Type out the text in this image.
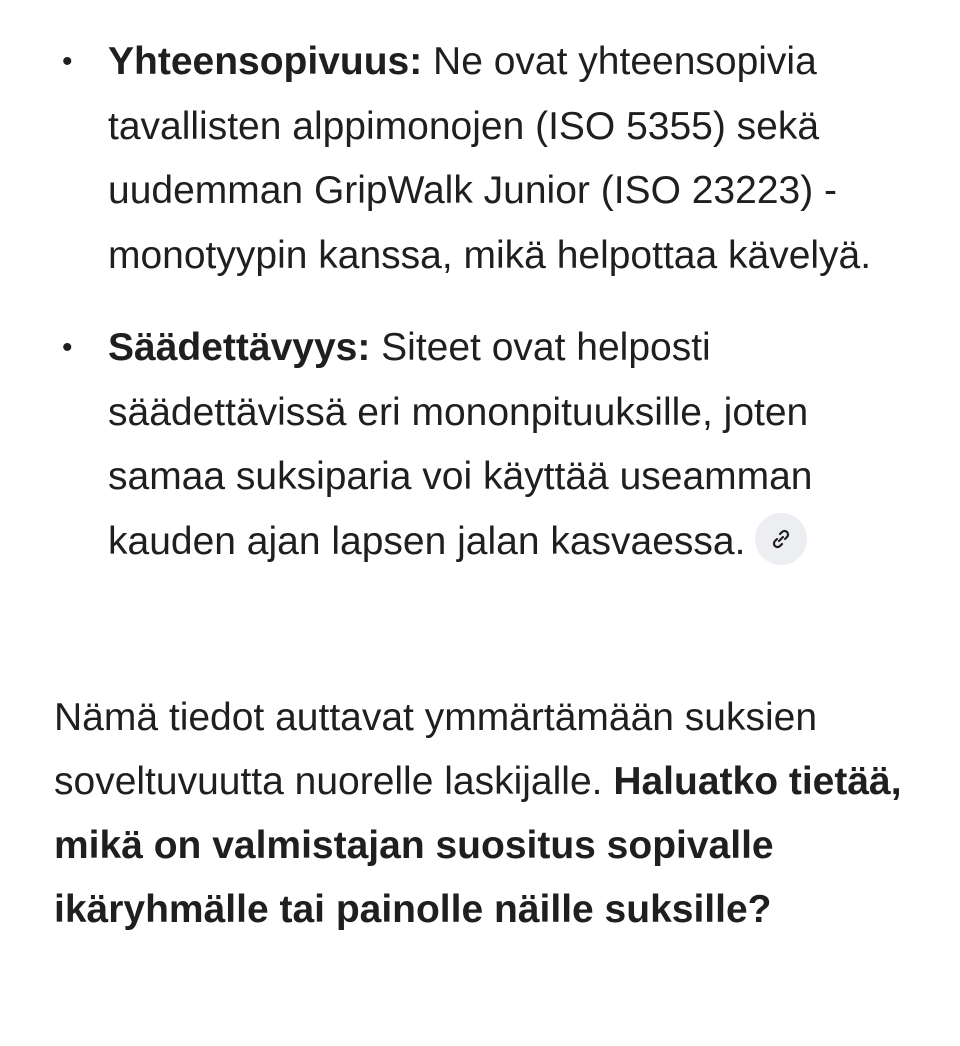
• Yhteensopivuus: Ne ovat yhteensopivia tavallisten alppimonojen (ISO 5355) sekä uudemman GripWalk Junior (ISO 23223) -monotyypin kanssa, mikä helpottaa kävelyä.
• Säädettävyys: Siteet ovat helposti säädettävissä eri mononpituuksille, joten samaa suksiparia voi käyttää useamman kauden ajan lapsen jalan kasvaessa.

Nämä tiedot auttavat ymmärtämään suksien soveltuvuutta nuorelle laskijalle. Haluatko tietää, mikä on valmistajan suositus sopivalle ikäryhmälle tai painolle näille suksille?
